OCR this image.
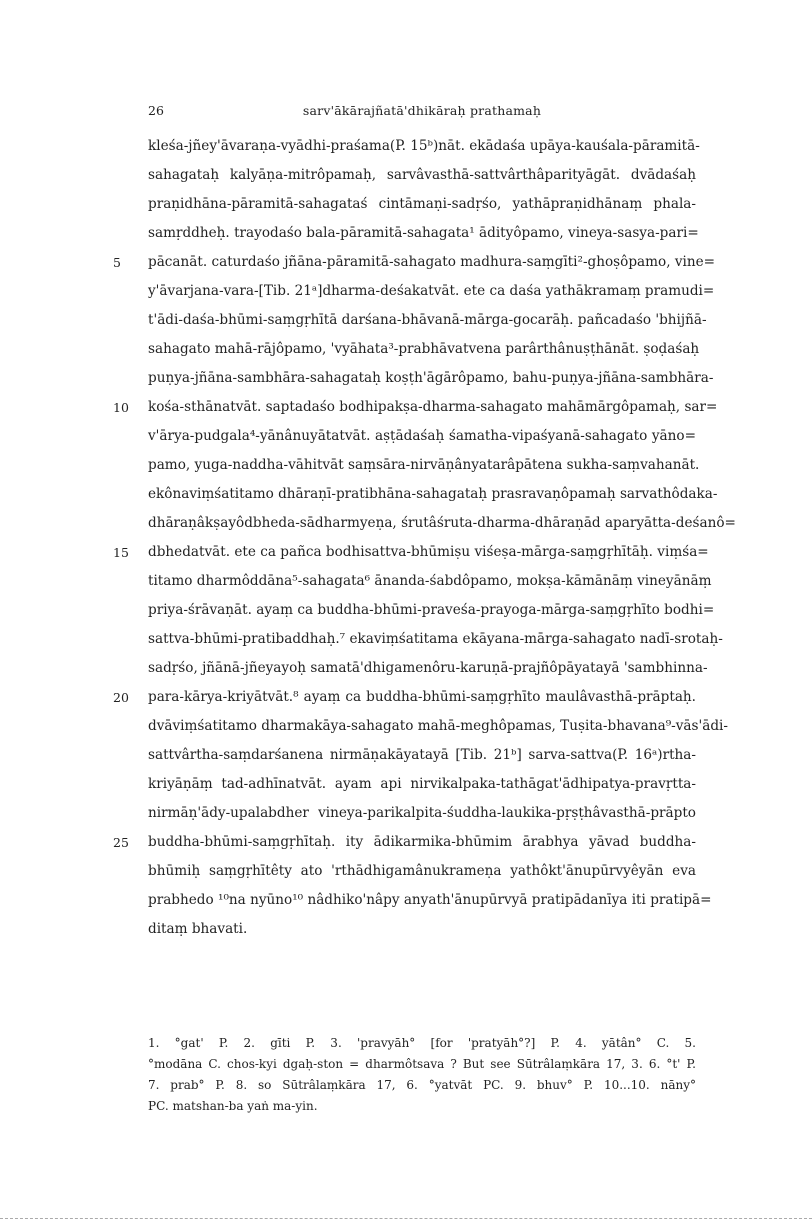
26	sarv'ākārajñatā'dhikāraḥ prathamaḥ
kleśa-jñey'āvaraṇa-vyādhi-praśama(P. 15ᵇ)nāt. ekādaśa upāya-kauśala-pāramitā-
sahagataḥ kalyāṇa-mitrôpamaḥ, sarvâvasthā-sattvârthâparityāgāt. dvādaśaḥ
praṇidhāna-pāramitā-sahagataś cintāmaṇi-sadṛśo, yathāpraṇidhānaṃ phala-
samṛddheḥ. trayodaśo bala-pāramitā-sahagata¹ ādityôpamo, vineya-sasya-pari=
5	pācanāt. caturdaśo jñāna-pāramitā-sahagato madhura-saṃgīti²-ghoṣôpamo, vine=
y'āvarjana-vara-[Tib. 21ᵃ]dharma-deśakatvāt. ete ca daśa yathākramaṃ pramudi=
t'ādi-daśa-bhūmi-saṃgṛhītā darśana-bhāvanā-mārga-gocarāḥ. pañcadaśo 'bhijñā-
sahagato mahā-rājôpamo, 'vyāhata³-prabhāvatvena parârthânuṣṭhānāt. ṣoḍaśaḥ
puṇya-jñāna-sambhāra-sahagataḥ koṣṭh'āgārôpamo, bahu-puṇya-jñāna-sambhāra-
10	kośa-sthānatvāt. saptadaśo bodhipakṣa-dharma-sahagato mahāmārgôpamaḥ, sar=
v'ārya-pudgala⁴-yānânuyātatvāt. aṣṭādaśaḥ śamatha-vipaśyanā-sahagato yāno=
pamo, yuga-naddha-vāhitvāt saṃsāra-nirvāṇânyatarâpātena sukha-saṃvahanāt.
ekônaviṃśatitamo dhāraṇī-pratibhāna-sahagataḥ prasravaṇôpamaḥ sarvathôdaka-
dhāraṇâkṣayôdbheda-sādharmyeṇa, śrutâśruta-dharma-dhāraṇād aparyātta-deśanô=
15	dbhedatvāt. ete ca pañca bodhisattva-bhūmiṣu viśeṣa-mārga-saṃgṛhītāḥ. viṃśa=
titamo dharmôddāna⁵-sahagata⁶ ānanda-śabdôpamo, mokṣa-kāmānāṃ vineyānāṃ
priya-śrāvaṇāt. ayaṃ ca buddha-bhūmi-praveśa-prayoga-mārga-saṃgṛhīto bodhi=
sattva-bhūmi-pratibaddhaḥ.⁷ ekaviṃśatitama ekāyana-mārga-sahagato nadī-srotaḥ-
sadṛśo, jñānā-jñeyayoḥ samatā'dhigamenôru-karuṇā-prajñôpāyatayā 'sambhinna-
20	para-kārya-kriyātvāt.⁸ ayaṃ ca buddha-bhūmi-saṃgṛhīto maulâvasthā-prāptaḥ.
dvāviṃśatitamo dharmakāya-sahagato mahā-meghôpamas, Tuṣita-bhavana⁹-vās'ādi-
sattvârtha-saṃdarśanena nirmāṇakāyatayā [Tib. 21ᵇ] sarva-sattva(P. 16ᵃ)rtha-
kriyāṇāṃ tad-adhīnatvāt. ayam api nirvikalpaka-tathāgat'ādhipatya-pravṛtta-
nirmāṇ'ādy-upalabdher vineya-parikalpita-śuddha-laukika-pṛṣṭhâvasthā-prāpto
25	buddha-bhūmi-saṃgṛhītaḥ. ity ādikarmika-bhūmim ārabhya yāvad buddha-
bhūmiḥ saṃgṛhītêty ato 'rthādhigamânukrameṇa yathôkt'ānupūrvyêyān eva
prabhedo ¹⁰na nyūno¹⁰ nâdhiko'nâpy anyath'ānupūrvyā pratipādanīya iti pratipā=
ditaṃ bhavati.
1. °gat' P. 2. gīti P. 3. 'pravyāh° [for 'pratyāh°?] P. 4. yātân° C. 5.
°modāna C. chos-kyi dgaḥ-ston = dharmôtsava ? But see Sūtrâlaṃkāra 17, 3. 6. °t' P.
7. prab° P. 8. so Sūtrâlaṃkāra 17, 6. °yatvāt PC. 9. bhuv° P. 10...10. nāny°
PC. matshan-ba yaṅ ma-yin.
